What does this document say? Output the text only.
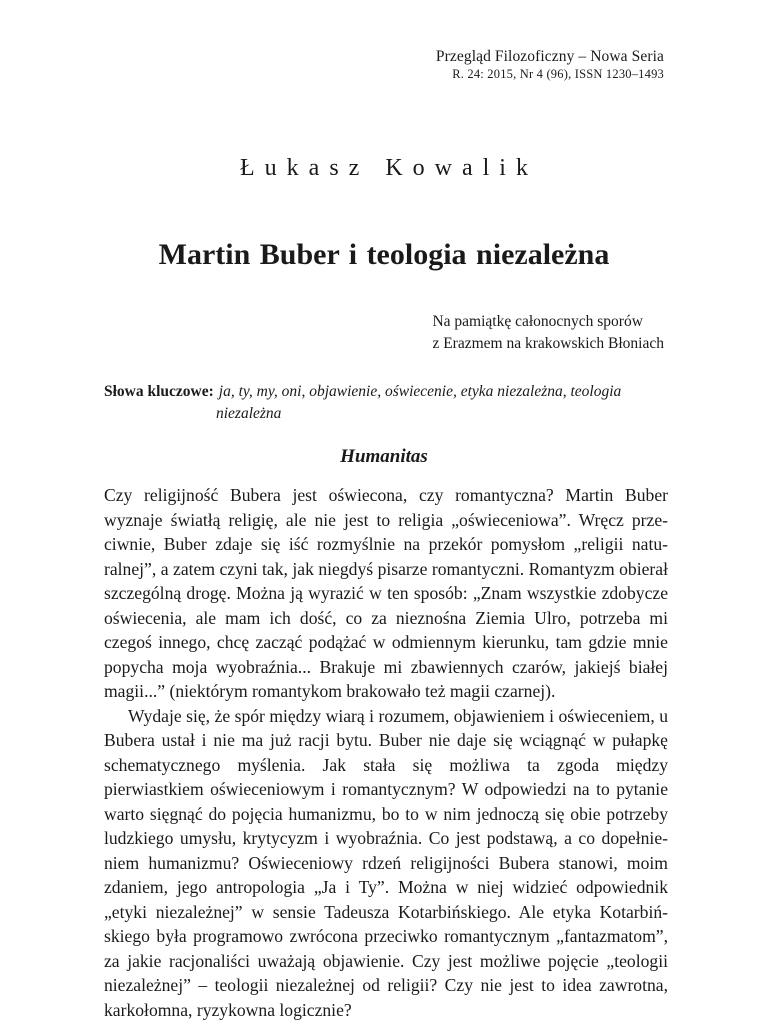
Przegląd Filozoficzny – Nowa Seria
R. 24: 2015, Nr 4 (96), ISSN 1230–1493
Łukasz Kowalik
Martin Buber i teologia niezależna
Na pamiątkę całonocnych sporów
z Erazmem na krakowskich Błoniach
Słowa kluczowe: ja, ty, my, oni, objawienie, oświecenie, etyka niezależna, teologia niezależna
Humanitas

Czy religijność Bubera jest oświecona, czy romantyczna? Martin Buber wyznaje światłą religię, ale nie jest to religia „oświeceniowa”. Wręcz przeciwnie, Buber zdaje się iść rozmyślnie na przekór pomysłom „religii naturalnej”, a zatem czyni tak, jak niegdyś pisarze romantyczni. Romantyzm obierał szczególną drogę. Można ją wyrazić w ten sposób: „Znam wszystkie zdobycze oświecenia, ale mam ich dość, co za nieznośna Ziemia Ulro, potrzeba mi czegoś innego, chcę zacząć podążać w odmiennym kierunku, tam gdzie mnie popycha moja wyobraźnia... Brakuje mi zbawiennych czarów, jakiejś białej magii...” (niektórym romantykom brakowało też magii czarnej).

Wydaje się, że spór między wiarą i rozumem, objawieniem i oświeceniem, u Bubera ustał i nie ma już racji bytu. Buber nie daje się wciągnąć w pułapkę schematycznego myślenia. Jak stała się możliwa ta zgoda między pierwiastkiem oświeceniowym i romantycznym? W odpowiedzi na to pytanie warto sięgnąć do pojęcia humanizmu, bo to w nim jednoczą się obie potrzeby ludzkiego umysłu, krytycyzm i wyobraźnia. Co jest podstawą, a co dopełnieniem humanizmu? Oświeceniowy rdzeń religijności Bubera stanowi, moim zdaniem, jego antropologia „Ja i Ty”. Można w niej widzieć odpowiednik „etyki niezależnej” w sensie Tadeusza Kotarbińskiego. Ale etyka Kotarbińskiego była programowo zwrócona przeciwko romantycznym „fantazmatom”, za jakie racjonaliści uważają objawienie. Czy jest możliwe pojęcie „teologii niezależnej” – teologii niezależnej od religii? Czy nie jest to idea zawrotna, karkołomna, ryzykowna logicznie?
